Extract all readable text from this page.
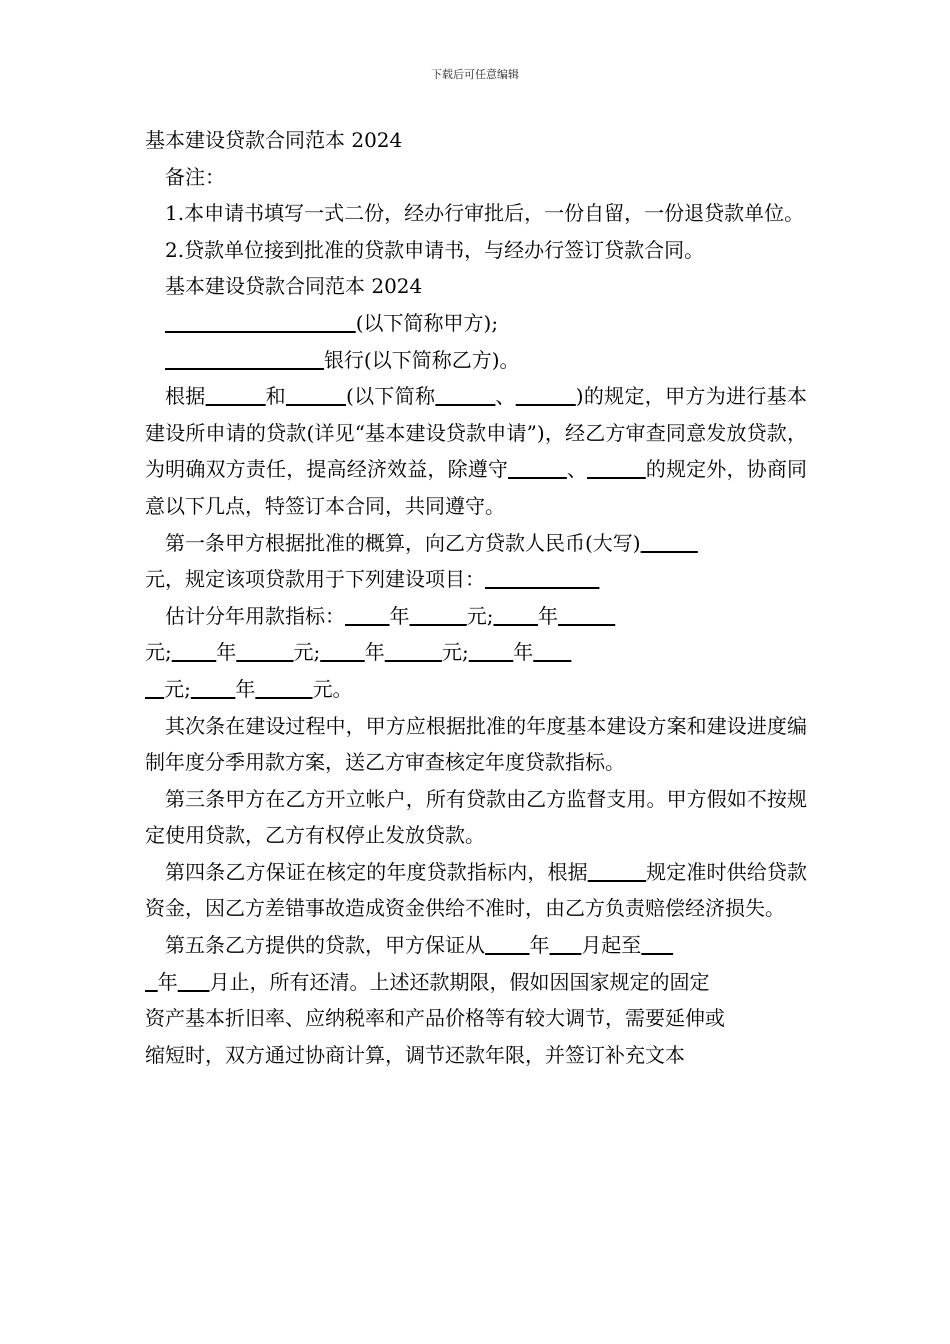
下载后可任意编辑

基本建设贷款合同范本 2024

备注：

1.本申请书填写一式二份，经办行审批后，一份自留，一份退贷款单位。

2.贷款单位接到批准的贷款申请书，与经办行签订贷款合同。

基本建设贷款合同范本 2024

(以下简称甲方);

银行(以下简称乙方)。

根据	和	(以下简称	、	)的规定，甲方为进行基本建设所申请的贷款(详见“基本建设贷款申请”)，经乙方审查同意发放贷款，为明确双方责任，提高经济效益，除遵守	、	的规定外，协商同意以下几点，特签订本合同，共同遵守。

第一条甲方根据批准的概算，向乙方贷款人民币(大写)
元，规定该项贷款用于下列建设项目：
估计分年用款指标： 年	元; 年
元; 年	元; 年	元; 年
元; 年	元。

其次条在建设过程中，甲方应根据批准的年度基本建设方案和建设进度编制年度分季用款方案，送乙方审查核定年度贷款指标。

第三条甲方在乙方开立帐户，所有贷款由乙方监督支用。甲方假如不按规定使用贷款，乙方有权停止发放贷款。

第四条乙方保证在核定的年度贷款指标内，根据	规定准时供给贷款资金，因乙方差错事故造成资金供给不准时，由乙方负责赔偿经济损失。

第五条乙方提供的贷款，甲方保证从 年 月起至
年 月止，所有还清。上述还款期限，假如因国家规定的固定
资产基本折旧率、应纳税率和产品价格等有较大调节，需要延伸或
缩短时，双方通过协商计算，调节还款年限，并签订补充文本
